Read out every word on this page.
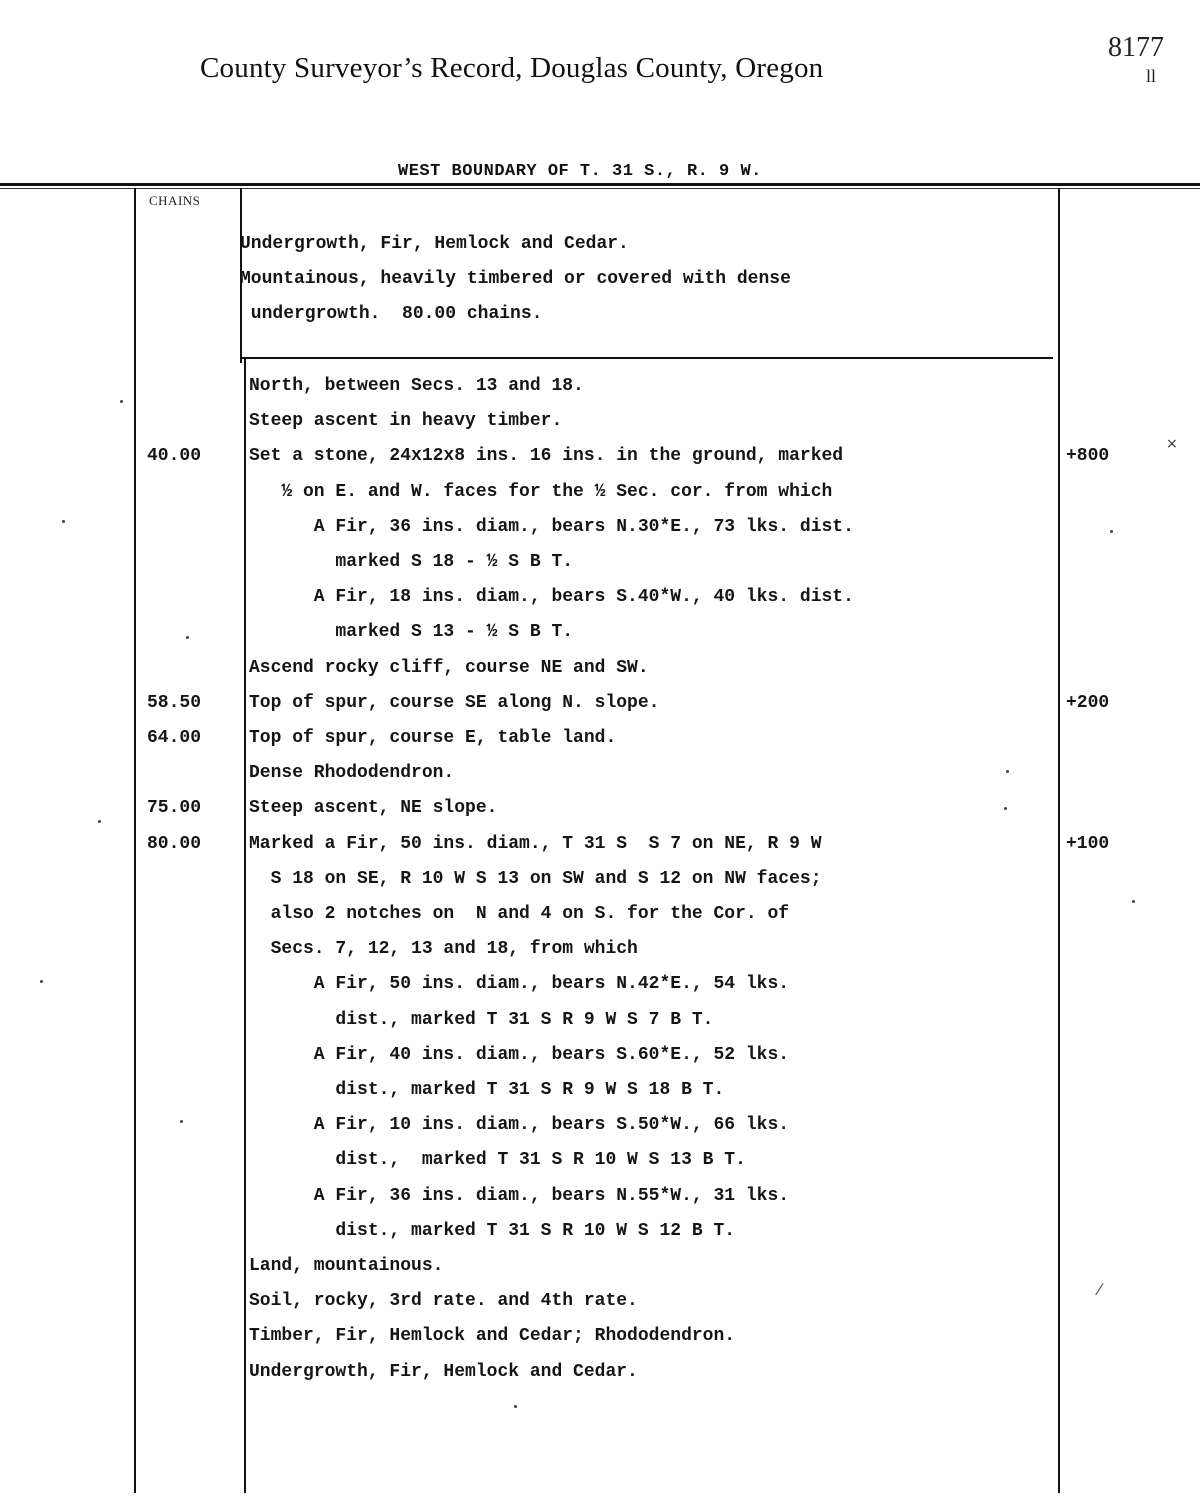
County Surveyor’s Record, Douglas County, Oregon
8177
ll
WEST BOUNDARY OF T. 31 S., R. 9 W.
CHAINS
Undergrowth, Fir, Hemlock and Cedar.
Mountainous, heavily timbered or covered with dense
undergrowth.  80.00 chains.
North, between Secs. 13 and 18.
Steep ascent in heavy timber.
40.00	Set a stone, 24x12x8 ins. 16 ins. in the ground, marked	+800
½ on E. and W. faces for the ½ Sec. cor. from which
A Fir, 36 ins. diam., bears N.30*E., 73 lks. dist.
marked S 18 - ½ S B T.
A Fir, 18 ins. diam., bears S.40*W., 40 lks. dist.
marked S 13 - ½ S B T.
Ascend rocky cliff, course NE and SW.
58.50	Top of spur, course SE along N. slope.	+200
64.00	Top of spur, course E, table land.
Dense Rhododendron.
75.00	Steep ascent, NE slope.
80.00	Marked a Fir, 50 ins. diam., T 31 S  S 7 on NE, R 9 W	+100
S 18 on SE, R 10 W S 13 on SW and S 12 on NW faces;
also 2 notches on  N and 4 on S. for the Cor. of
Secs. 7, 12, 13 and 18, from which
A Fir, 50 ins. diam., bears N.42*E., 54 lks.
dist., marked T 31 S R 9 W S 7 B T.
A Fir, 40 ins. diam., bears S.60*E., 52 lks.
dist., marked T 31 S R 9 W S 18 B T.
A Fir, 10 ins. diam., bears S.50*W., 66 lks.
dist.,  marked T 31 S R 10 W S 13 B T.
A Fir, 36 ins. diam., bears N.55*W., 31 lks.
dist., marked T 31 S R 10 W S 12 B T.
Land, mountainous.
Soil, rocky, 3rd rate. and 4th rate.
Timber, Fir, Hemlock and Cedar; Rhododendron.
Undergrowth, Fir, Hemlock and Cedar.
×
⁄
